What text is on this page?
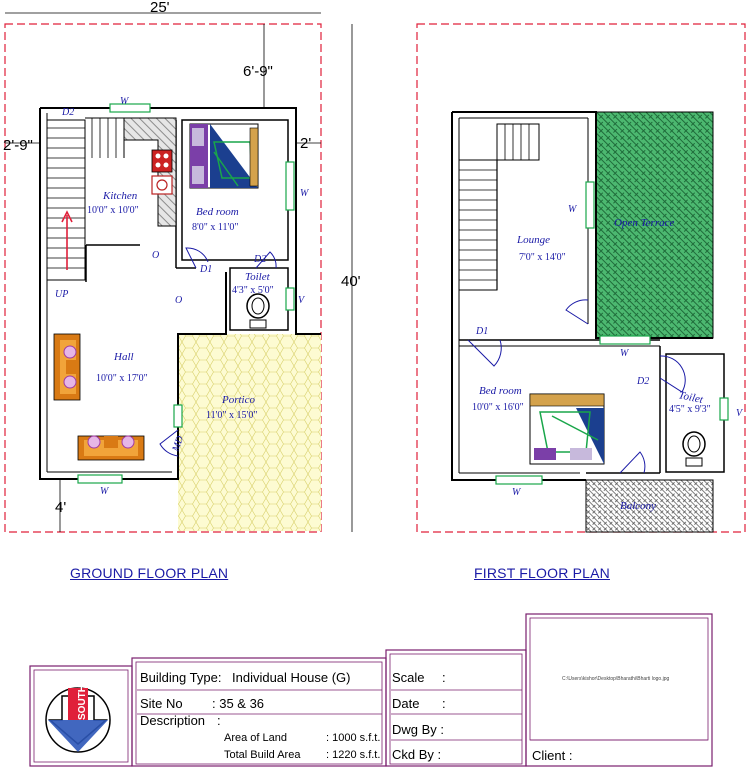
25'
6'-9"
2'-9"	2'
40'
4'
Kitchen
10'0" x 10'0"	Bed room
8'0" x 11'0"
Toilet
4'3" x 5'0"
Hall
10'0" x 17'0"
Portico
11'0" x 15'0"
D2
W
W
O
D1
D2
UP
O	V
MD
W
Lounge
7'0" x 14'0"
Open Terrace
Bed room
10'0" x 16'0"
Toilet
4'5" x 9'3"
Balcony
W
D1
W
D2
V
W
SOUTH
GROUND FLOOR PLAN	FIRST FLOOR PLAN
Building Type: Individual House (G)
Site No : 35 & 36
Description :
Area of Land	: 1000 s.f.t.
Total Build Area : 1220 s.f.t.
Scale :
Date :
Dwg By :
Ckd By :
C:\Users\kishor\Desktop\Bharathi\Bharti logo.jpg
Client :
